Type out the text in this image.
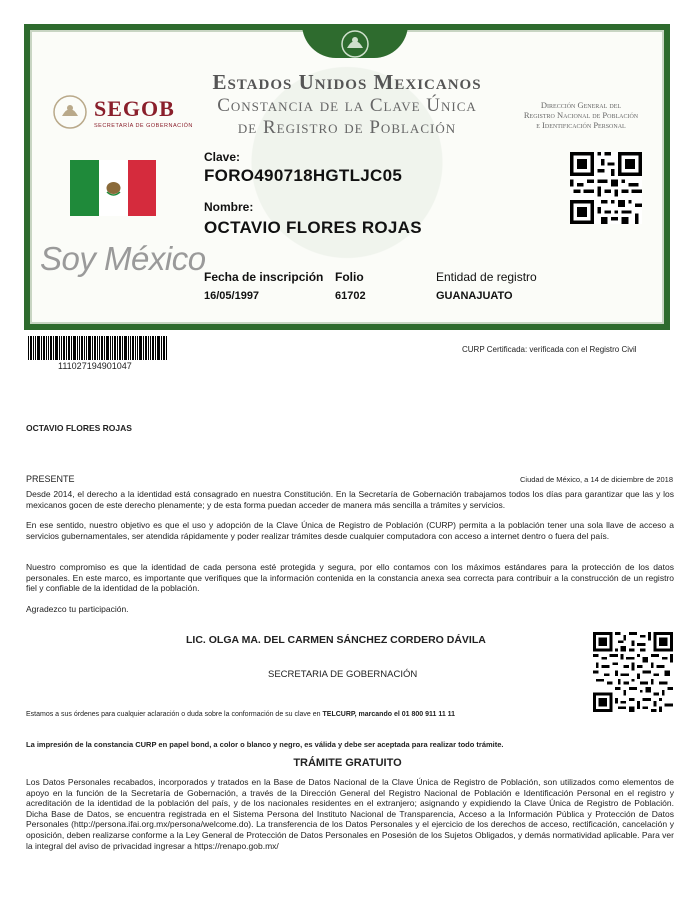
Estados Unidos Mexicanos
Constancia de la Clave Única
de Registro de Población
SEGOB
SECRETARÍA DE GOBERNACIÓN
Dirección General del
Registro Nacional de Población
e Identificación Personal
Soy México
Clave:
FORO490718HGTLJC05
Nombre:
OCTAVIO FLORES ROJAS
Fecha de inscripción
16/05/1997
Folio
61702
Entidad de registro
GUANAJUATO
111027194901047
CURP Certificada: verificada con el Registro Civil
OCTAVIO FLORES ROJAS
PRESENTE	Ciudad de México, a 14 de diciembre de 2018
Desde 2014, el derecho a la identidad está consagrado en nuestra Constitución. En la Secretaría de Gobernación trabajamos todos los días para garantizar que las y los mexicanos gocen de este derecho plenamente; y de esta forma puedan acceder de manera más sencilla a trámites y servicios.
En ese sentido, nuestro objetivo es que el uso y adopción de la Clave Única de Registro de Población (CURP) permita a la población tener una sola llave de acceso a servicios gubernamentales, ser atendida rápidamente y poder realizar trámites desde cualquier computadora con acceso a internet dentro o fuera del país.
Nuestro compromiso es que la identidad de cada persona esté protegida y segura, por ello contamos con los máximos estándares para la protección de los datos personales. En este marco, es importante que verifiques que la información contenida en la constancia anexa sea correcta para contribuir a la construcción de un registro fiel y confiable de la identidad de la población.
Agradezco tu participación.
LIC. OLGA MA. DEL CARMEN SÁNCHEZ CORDERO DÁVILA
SECRETARIA DE GOBERNACIÓN
Estamos a sus órdenes para cualquier aclaración o duda sobre la conformación de su clave en TELCURP, marcando el 01 800 911 11 11
La impresión de la constancia CURP en papel bond, a color o blanco y negro, es válida y debe ser aceptada para realizar todo trámite.
TRÁMITE GRATUITO
Los Datos Personales recabados, incorporados y tratados en la Base de Datos Nacional de la Clave Única de Registro de Población, son utilizados como elementos de apoyo en la función de la Secretaría de Gobernación, a través de la Dirección General del Registro Nacional de Población e Identificación Personal en el registro y acreditación de la identidad de la población del país, y de los nacionales residentes en el extranjero; asignando y expidiendo la Clave Única de Registro de Población. Dicha Base de Datos, se encuentra registrada en el Sistema Persona del Instituto Nacional de Transparencia, Acceso a la Información Pública y Protección de Datos Personales (http://persona.ifai.org.mx/persona/welcome.do). La transferencia de los Datos Personales y el ejercicio de los derechos de acceso, rectificación, cancelación y oposición, deben realizarse conforme a la Ley General de Protección de Datos Personales en Posesión de los Sujetos Obligados, y demás normatividad aplicable. Para ver la integral del aviso de privacidad ingresar a https://renapo.gob.mx/
